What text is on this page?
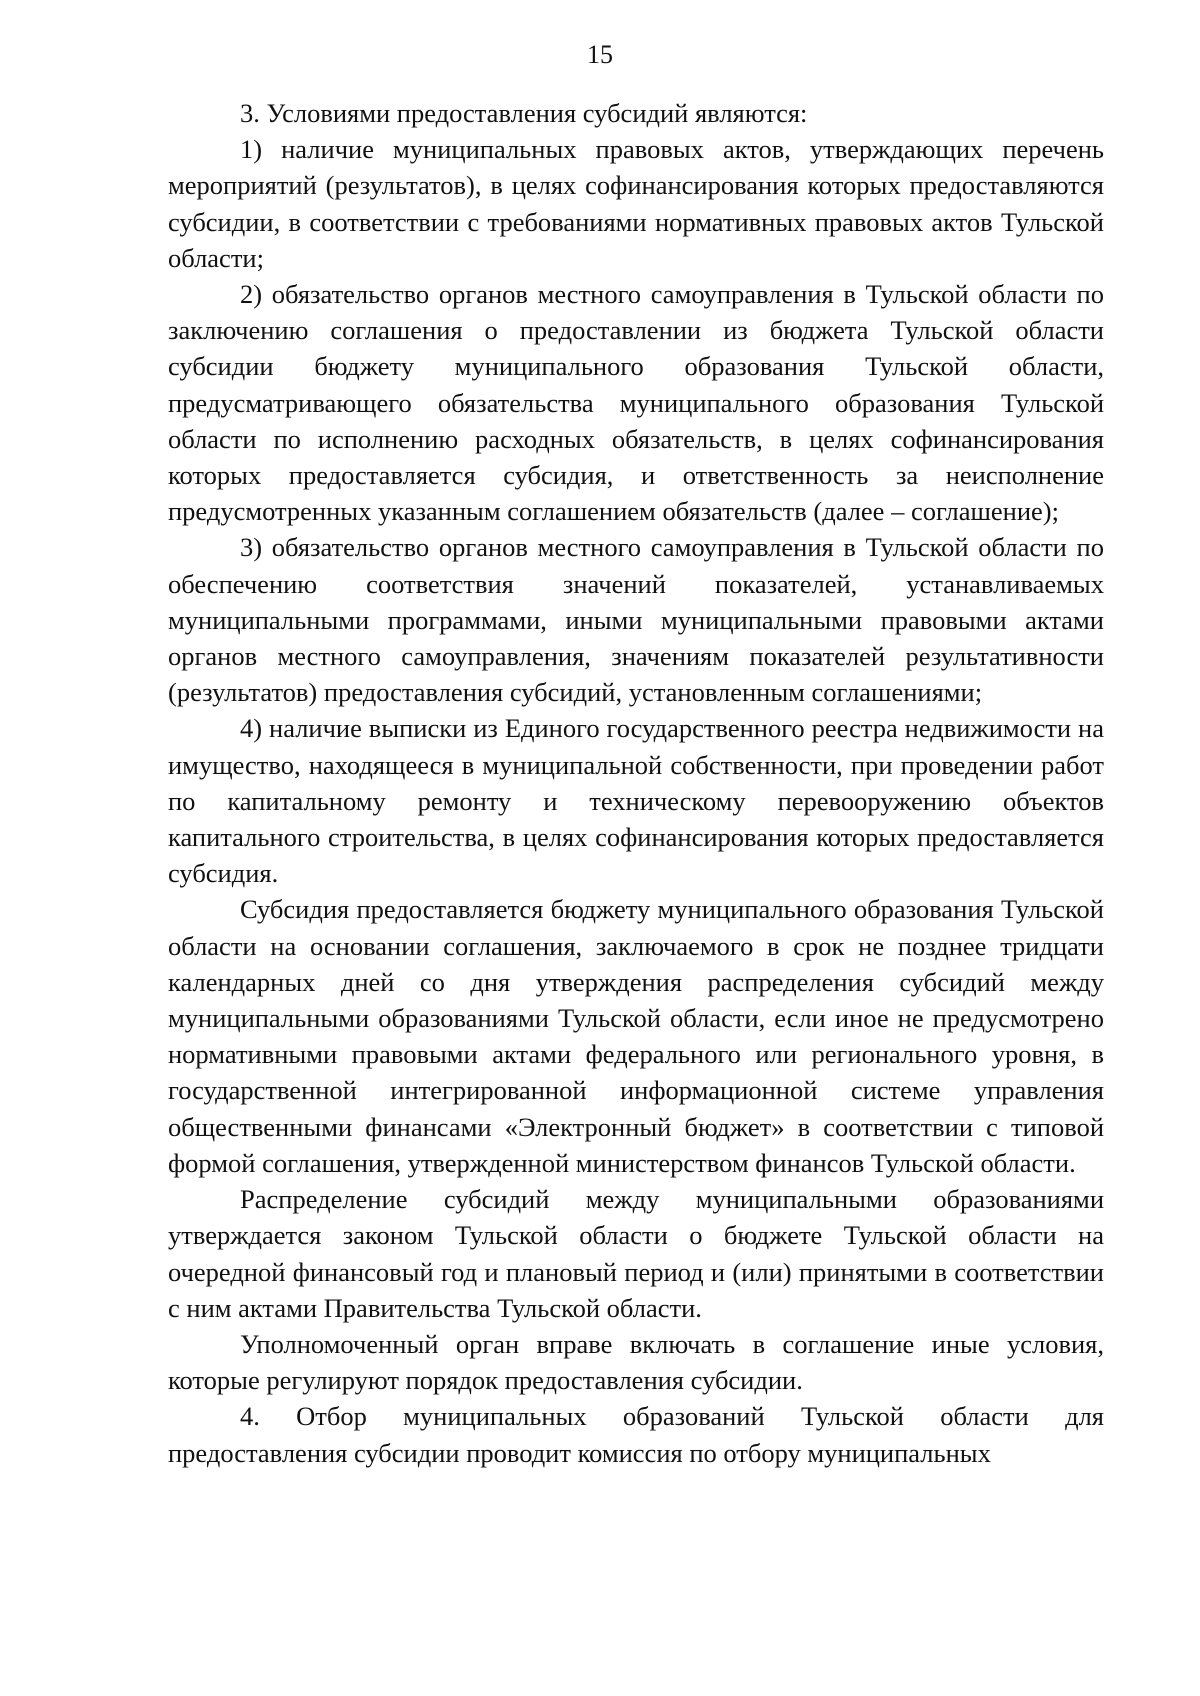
15

3. Условиями предоставления субсидий являются:

1) наличие муниципальных правовых актов, утверждающих перечень мероприятий (результатов), в целях софинансирования которых предоставляются субсидии, в соответствии с требованиями нормативных правовых актов Тульской области;

2) обязательство органов местного самоуправления в Тульской области по заключению соглашения о предоставлении из бюджета Тульской области субсидии бюджету муниципального образования Тульской области, предусматривающего обязательства муниципального образования Тульской области по исполнению расходных обязательств, в целях софинансирования которых предоставляется субсидия, и ответственность за неисполнение предусмотренных указанным соглашением обязательств (далее – соглашение);

3) обязательство органов местного самоуправления в Тульской области по обеспечению соответствия значений показателей, устанавливаемых муниципальными программами, иными муниципальными правовыми актами органов местного самоуправления, значениям показателей результативности (результатов) предоставления субсидий, установленным соглашениями;

4) наличие выписки из Единого государственного реестра недвижимости на имущество, находящееся в муниципальной собственности, при проведении работ по капитальному ремонту и техническому перевооружению объектов капитального строительства, в целях софинансирования которых предоставляется субсидия.

Субсидия предоставляется бюджету муниципального образования Тульской области на основании соглашения, заключаемого в срок не позднее тридцати календарных дней со дня утверждения распределения субсидий между муниципальными образованиями Тульской области, если иное не предусмотрено нормативными правовыми актами федерального или регионального уровня, в государственной интегрированной информационной системе управления общественными финансами «Электронный бюджет» в соответствии с типовой формой соглашения, утвержденной министерством финансов Тульской области.

Распределение субсидий между муниципальными образованиями утверждается законом Тульской области о бюджете Тульской области на очередной финансовый год и плановый период и (или) принятыми в соответствии с ним актами Правительства Тульской области.

Уполномоченный орган вправе включать в соглашение иные условия, которые регулируют порядок предоставления субсидии.

4. Отбор муниципальных образований Тульской области для предоставления субсидии проводит комиссия по отбору муниципальных
